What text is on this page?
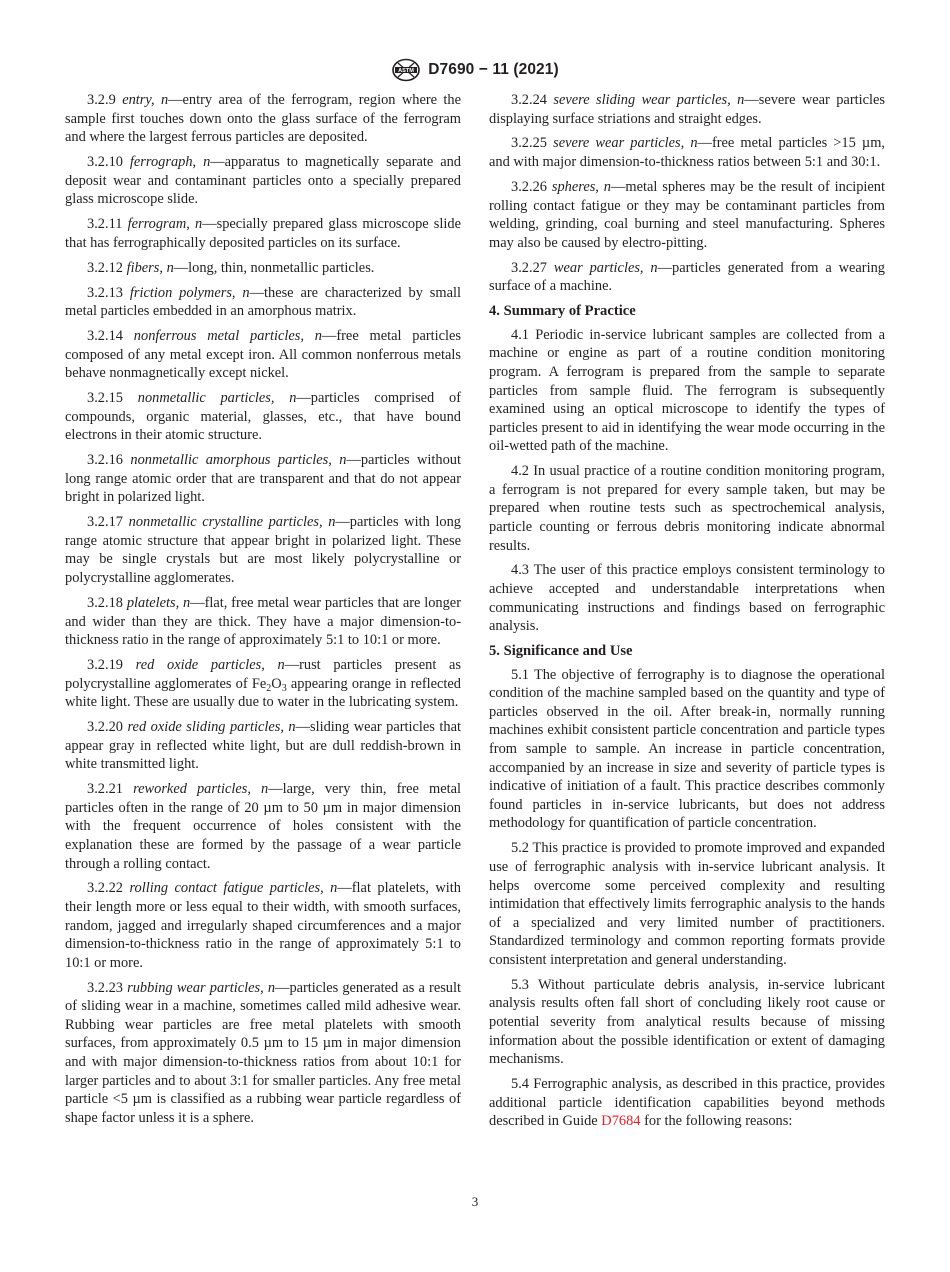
ASTM D7690 − 11 (2021)

3.2.9 entry, n—entry area of the ferrogram, region where the sample first touches down onto the glass surface of the ferrogram and where the largest ferrous particles are deposited.

3.2.10 ferrograph, n—apparatus to magnetically separate and deposit wear and contaminant particles onto a specially prepared glass microscope slide.

3.2.11 ferrogram, n—specially prepared glass microscope slide that has ferrographically deposited particles on its surface.

3.2.12 fibers, n—long, thin, nonmetallic particles.

3.2.13 friction polymers, n—these are characterized by small metal particles embedded in an amorphous matrix.

3.2.14 nonferrous metal particles, n—free metal particles composed of any metal except iron. All common nonferrous metals behave nonmagnetically except nickel.

3.2.15 nonmetallic particles, n—particles comprised of compounds, organic material, glasses, etc., that have bound electrons in their atomic structure.

3.2.16 nonmetallic amorphous particles, n—particles without long range atomic order that are transparent and that do not appear bright in polarized light.

3.2.17 nonmetallic crystalline particles, n—particles with long range atomic structure that appear bright in polarized light. These may be single crystals but are most likely polycrystalline or polycrystalline agglomerates.

3.2.18 platelets, n—flat, free metal wear particles that are longer and wider than they are thick. They have a major dimension-to-thickness ratio in the range of approximately 5:1 to 10:1 or more.

3.2.19 red oxide particles, n—rust particles present as polycrystalline agglomerates of $Fe_2O_3$ appearing orange in reflected white light. These are usually due to water in the lubricating system.

3.2.20 red oxide sliding particles, n—sliding wear particles that appear gray in reflected white light, but are dull reddish-brown in white transmitted light.

3.2.21 reworked particles, n—large, very thin, free metal particles often in the range of 20 µm to 50 µm in major dimension with the frequent occurrence of holes consistent with the explanation these are formed by the passage of a wear particle through a rolling contact.

3.2.22 rolling contact fatigue particles, n—flat platelets, with their length more or less equal to their width, with smooth surfaces, random, jagged and irregularly shaped circumferences and a major dimension-to-thickness ratio in the range of approximately 5:1 to 10:1 or more.

3.2.23 rubbing wear particles, n—particles generated as a result of sliding wear in a machine, sometimes called mild adhesive wear. Rubbing wear particles are free metal platelets with smooth surfaces, from approximately 0.5 µm to 15 µm in major dimension and with major dimension-to-thickness ratios from about 10:1 for larger particles and to about 3:1 for smaller particles. Any free metal particle <5 µm is classified as a rubbing wear particle regardless of shape factor unless it is a sphere.

3.2.24 severe sliding wear particles, n—severe wear particles displaying surface striations and straight edges.

3.2.25 severe wear particles, n—free metal particles >15 µm, and with major dimension-to-thickness ratios between 5:1 and 30:1.

3.2.26 spheres, n—metal spheres may be the result of incipient rolling contact fatigue or they may be contaminant particles from welding, grinding, coal burning and steel manufacturing. Spheres may also be caused by electro-pitting.

3.2.27 wear particles, n—particles generated from a wearing surface of a machine.

4. Summary of Practice

4.1 Periodic in-service lubricant samples are collected from a machine or engine as part of a routine condition monitoring program. A ferrogram is prepared from the sample to separate particles from sample fluid. The ferrogram is subsequently examined using an optical microscope to identify the types of particles present to aid in identifying the wear mode occurring in the oil-wetted path of the machine.

4.2 In usual practice of a routine condition monitoring program, a ferrogram is not prepared for every sample taken, but may be prepared when routine tests such as spectrochemical analysis, particle counting or ferrous debris monitoring indicate abnormal results.

4.3 The user of this practice employs consistent terminology to achieve accepted and understandable interpretations when communicating instructions and findings based on ferrographic analysis.

5. Significance and Use

5.1 The objective of ferrography is to diagnose the operational condition of the machine sampled based on the quantity and type of particles observed in the oil. After break-in, normally running machines exhibit consistent particle concentration and particle types from sample to sample. An increase in particle concentration, accompanied by an increase in size and severity of particle types is indicative of initiation of a fault. This practice describes commonly found particles in in-service lubricants, but does not address methodology for quantification of particle concentration.

5.2 This practice is provided to promote improved and expanded use of ferrographic analysis with in-service lubricant analysis. It helps overcome some perceived complexity and resulting intimidation that effectively limits ferrographic analysis to the hands of a specialized and very limited number of practitioners. Standardized terminology and common reporting formats provide consistent interpretation and general understanding.

5.3 Without particulate debris analysis, in-service lubricant analysis results often fall short of concluding likely root cause or potential severity from analytical results because of missing information about the possible identification or extent of damaging mechanisms.

5.4 Ferrographic analysis, as described in this practice, provides additional particle identification capabilities beyond methods described in Guide D7684 for the following reasons:

3
